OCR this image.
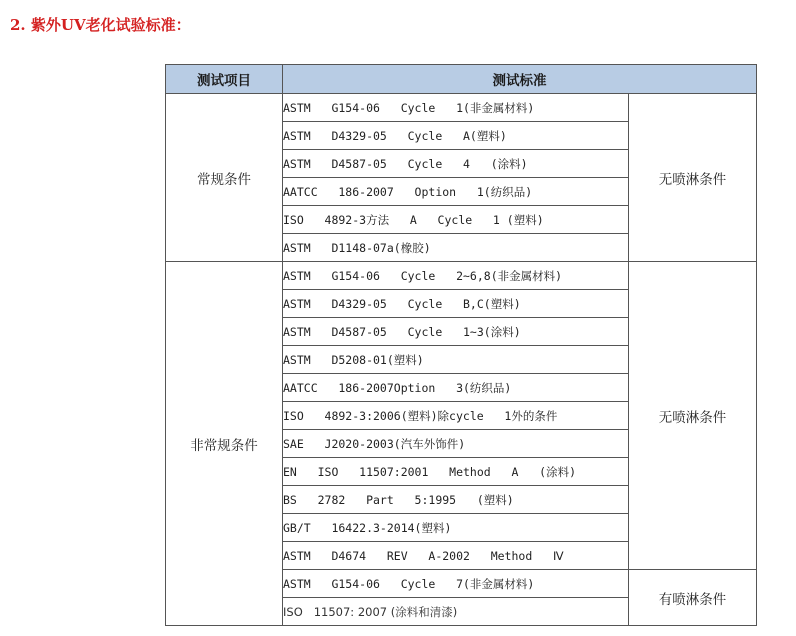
2. 紫外UV老化试验标准：
测试项目	测试标准	
常规条件	ASTM   G154-06   Cycle   1(非金属材料)	无喷淋条件
	ASTM   D4329-05   Cycle   A(塑料)	
	ASTM   D4587-05   Cycle   4   (涂料)	
	AATCC   186-2007   Option   1(纺织品)	
	ISO   4892-3方法   A   Cycle   1 (塑料)	
	ASTM   D1148-07a(橡胶)	
非常规条件	ASTM   G154-06   Cycle   2~6,8(非金属材料)	无喷淋条件
	ASTM   D4329-05   Cycle   B,C(塑料)	
	ASTM   D4587-05   Cycle   1~3(涂料)	
	ASTM   D5208-01(塑料)	
	AATCC   186-2007Option   3(纺织品)	
	ISO   4892-3:2006(塑料)除cycle   1外的条件	
	SAE   J2020-2003(汽车外饰件)	
	EN   ISO   11507:2001   Method   A   (涂料)	
	BS   2782   Part   5:1995   (塑料)	
	GB/T   16422.3-2014(塑料)	
	ASTM   D4674   REV   A-2002   Method   Ⅳ	
	ASTM   G154-06   Cycle   7(非金属材料)	有喷淋条件
	ISO   11507: 2007 (涂料和清漆)	
